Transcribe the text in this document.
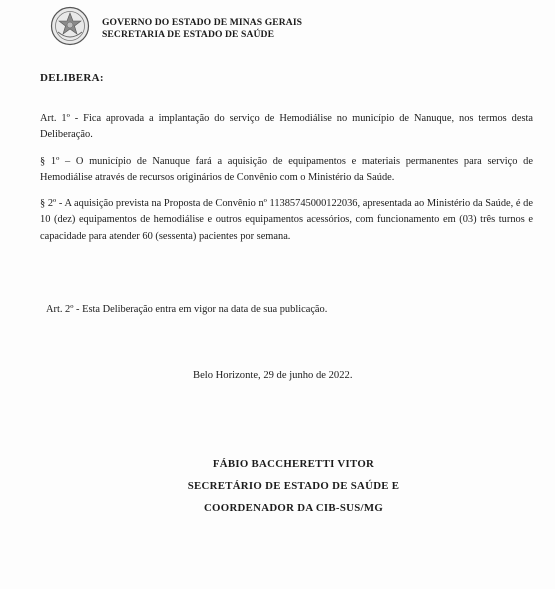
GOVERNO DO ESTADO DE MINAS GERAIS
SECRETARIA DE ESTADO DE SAÚDE
DELIBERA:

Art. 1º - Fica aprovada a implantação do serviço de Hemodiálise no município de Nanuque, nos termos desta Deliberação.

§ 1º – O município de Nanuque fará a aquisição de equipamentos e materiais permanentes para serviço de Hemodiálise através de recursos originários de Convênio com o Ministério da Saúde.

§ 2º - A aquisição prevista na Proposta de Convênio nº 11385745000122036, apresentada ao Ministério da Saúde, é de 10 (dez) equipamentos de hemodiálise e outros equipamentos acessórios, com funcionamento em (03) três turnos e capacidade para atender 60 (sessenta) pacientes por semana.

Art. 2º - Esta Deliberação entra em vigor na data de sua publicação.

Belo Horizonte, 29 de junho de 2022.
FÁBIO BACCHERETTI VITOR
SECRETÁRIO DE ESTADO DE SAÚDE E
COORDENADOR DA CIB-SUS/MG
